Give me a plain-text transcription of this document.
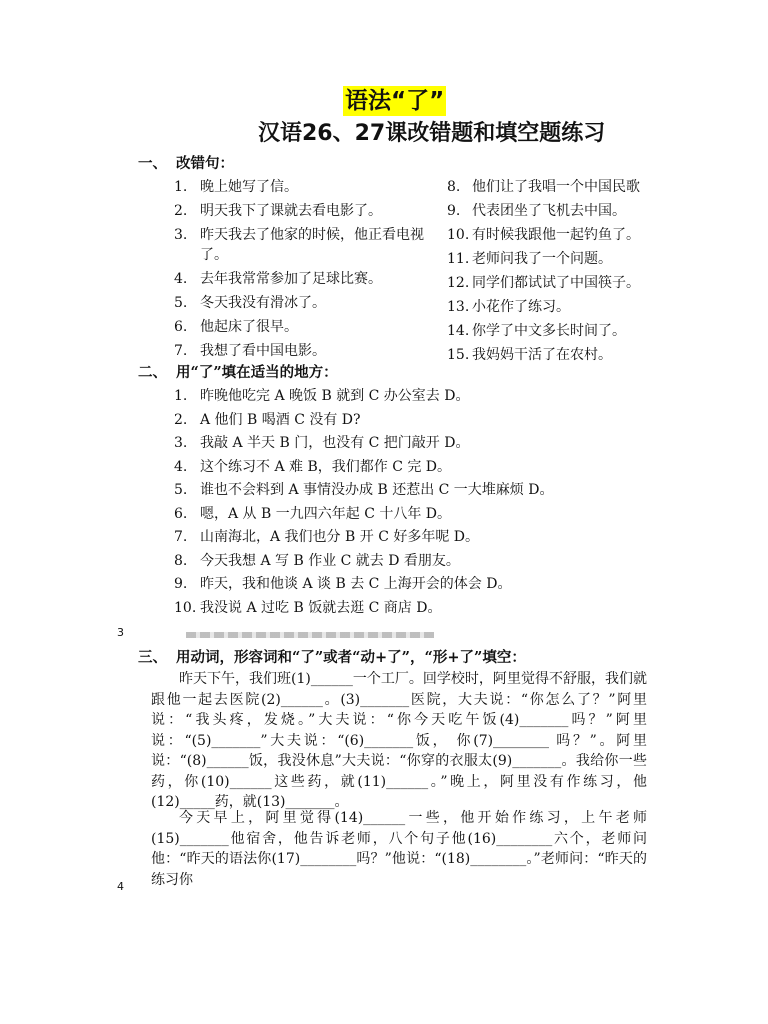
语法“了”
汉语26、27课改错题和填空题练习
一、 改错句：
1. 晚上她写了信。
2. 明天我下了课就去看电影了。
3. 昨天我去了他家的时候，他正看电视了。
4. 去年我常常参加了足球比赛。
5. 冬天我没有滑冰了。
6. 他起床了很早。
7. 我想了看中国电影。
8. 他们让了我唱一个中国民歌
9. 代表团坐了飞机去中国。
10. 有时候我跟他一起钓鱼了。
11. 老师问我了一个问题。
12. 同学们都试试了中国筷子。
13. 小花作了练习。
14. 你学了中文多长时间了。
15. 我妈妈干活了在农村。
二、 用“了”填在适当的地方：
1. 昨晚他吃完 A 晚饭 B 就到 C 办公室去 D。
2. A 他们 B 喝酒 C 没有 D?
3. 我敲 A 半天 B 门，也没有 C 把门敲开 D。
4. 这个练习不 A 难 B，我们都作 C 完 D。
5. 谁也不会料到 A 事情没办成 B 还惹出 C 一大堆麻烦 D。
6. 嗯，A 从 B 一九四六年起 C 十八年 D。
7. 山南海北，A 我们也分 B 开 C 好多年呢 D。
8. 今天我想 A 写 B 作业 C 就去 D 看朋友。
9. 昨天，我和他谈 A 谈 B 去 C 上海开会的体会 D。
10. 我没说 A 过吃 B 饭就去逛 C 商店 D。
3
三、 用动词，形容词和“了”或者“动+了”，“形+了”填空：

昨天下午，我们班(1)______一个工厂。回学校时，阿里觉得不舒服，我们就跟他一起去医院(2)______。(3)_______医院，大夫说：“你怎么了？”阿里说：“我头疼，发烧。”大夫说：“你今天吃午饭(4)_______吗？”阿里说：“(5)_______”大夫说：“(6)_______饭， 你(7)________ 吗？”。阿里说：“(8)______饭，我没休息”大夫说：“你穿的衣服太(9)_______。我给你一些药，你(10)______这些药，就(11)______。”晚上，阿里没有作练习，他(12)_____药，就(13)_______。

今天早上，阿里觉得(14)______一些，他开始作练习，上午老师(15)_______他宿舍，他告诉老师，八个句子他(16)________六个，老师问他：“昨天的语法你(17)________吗？”他说：“(18)________。”老师问：“昨天的练习你

4
